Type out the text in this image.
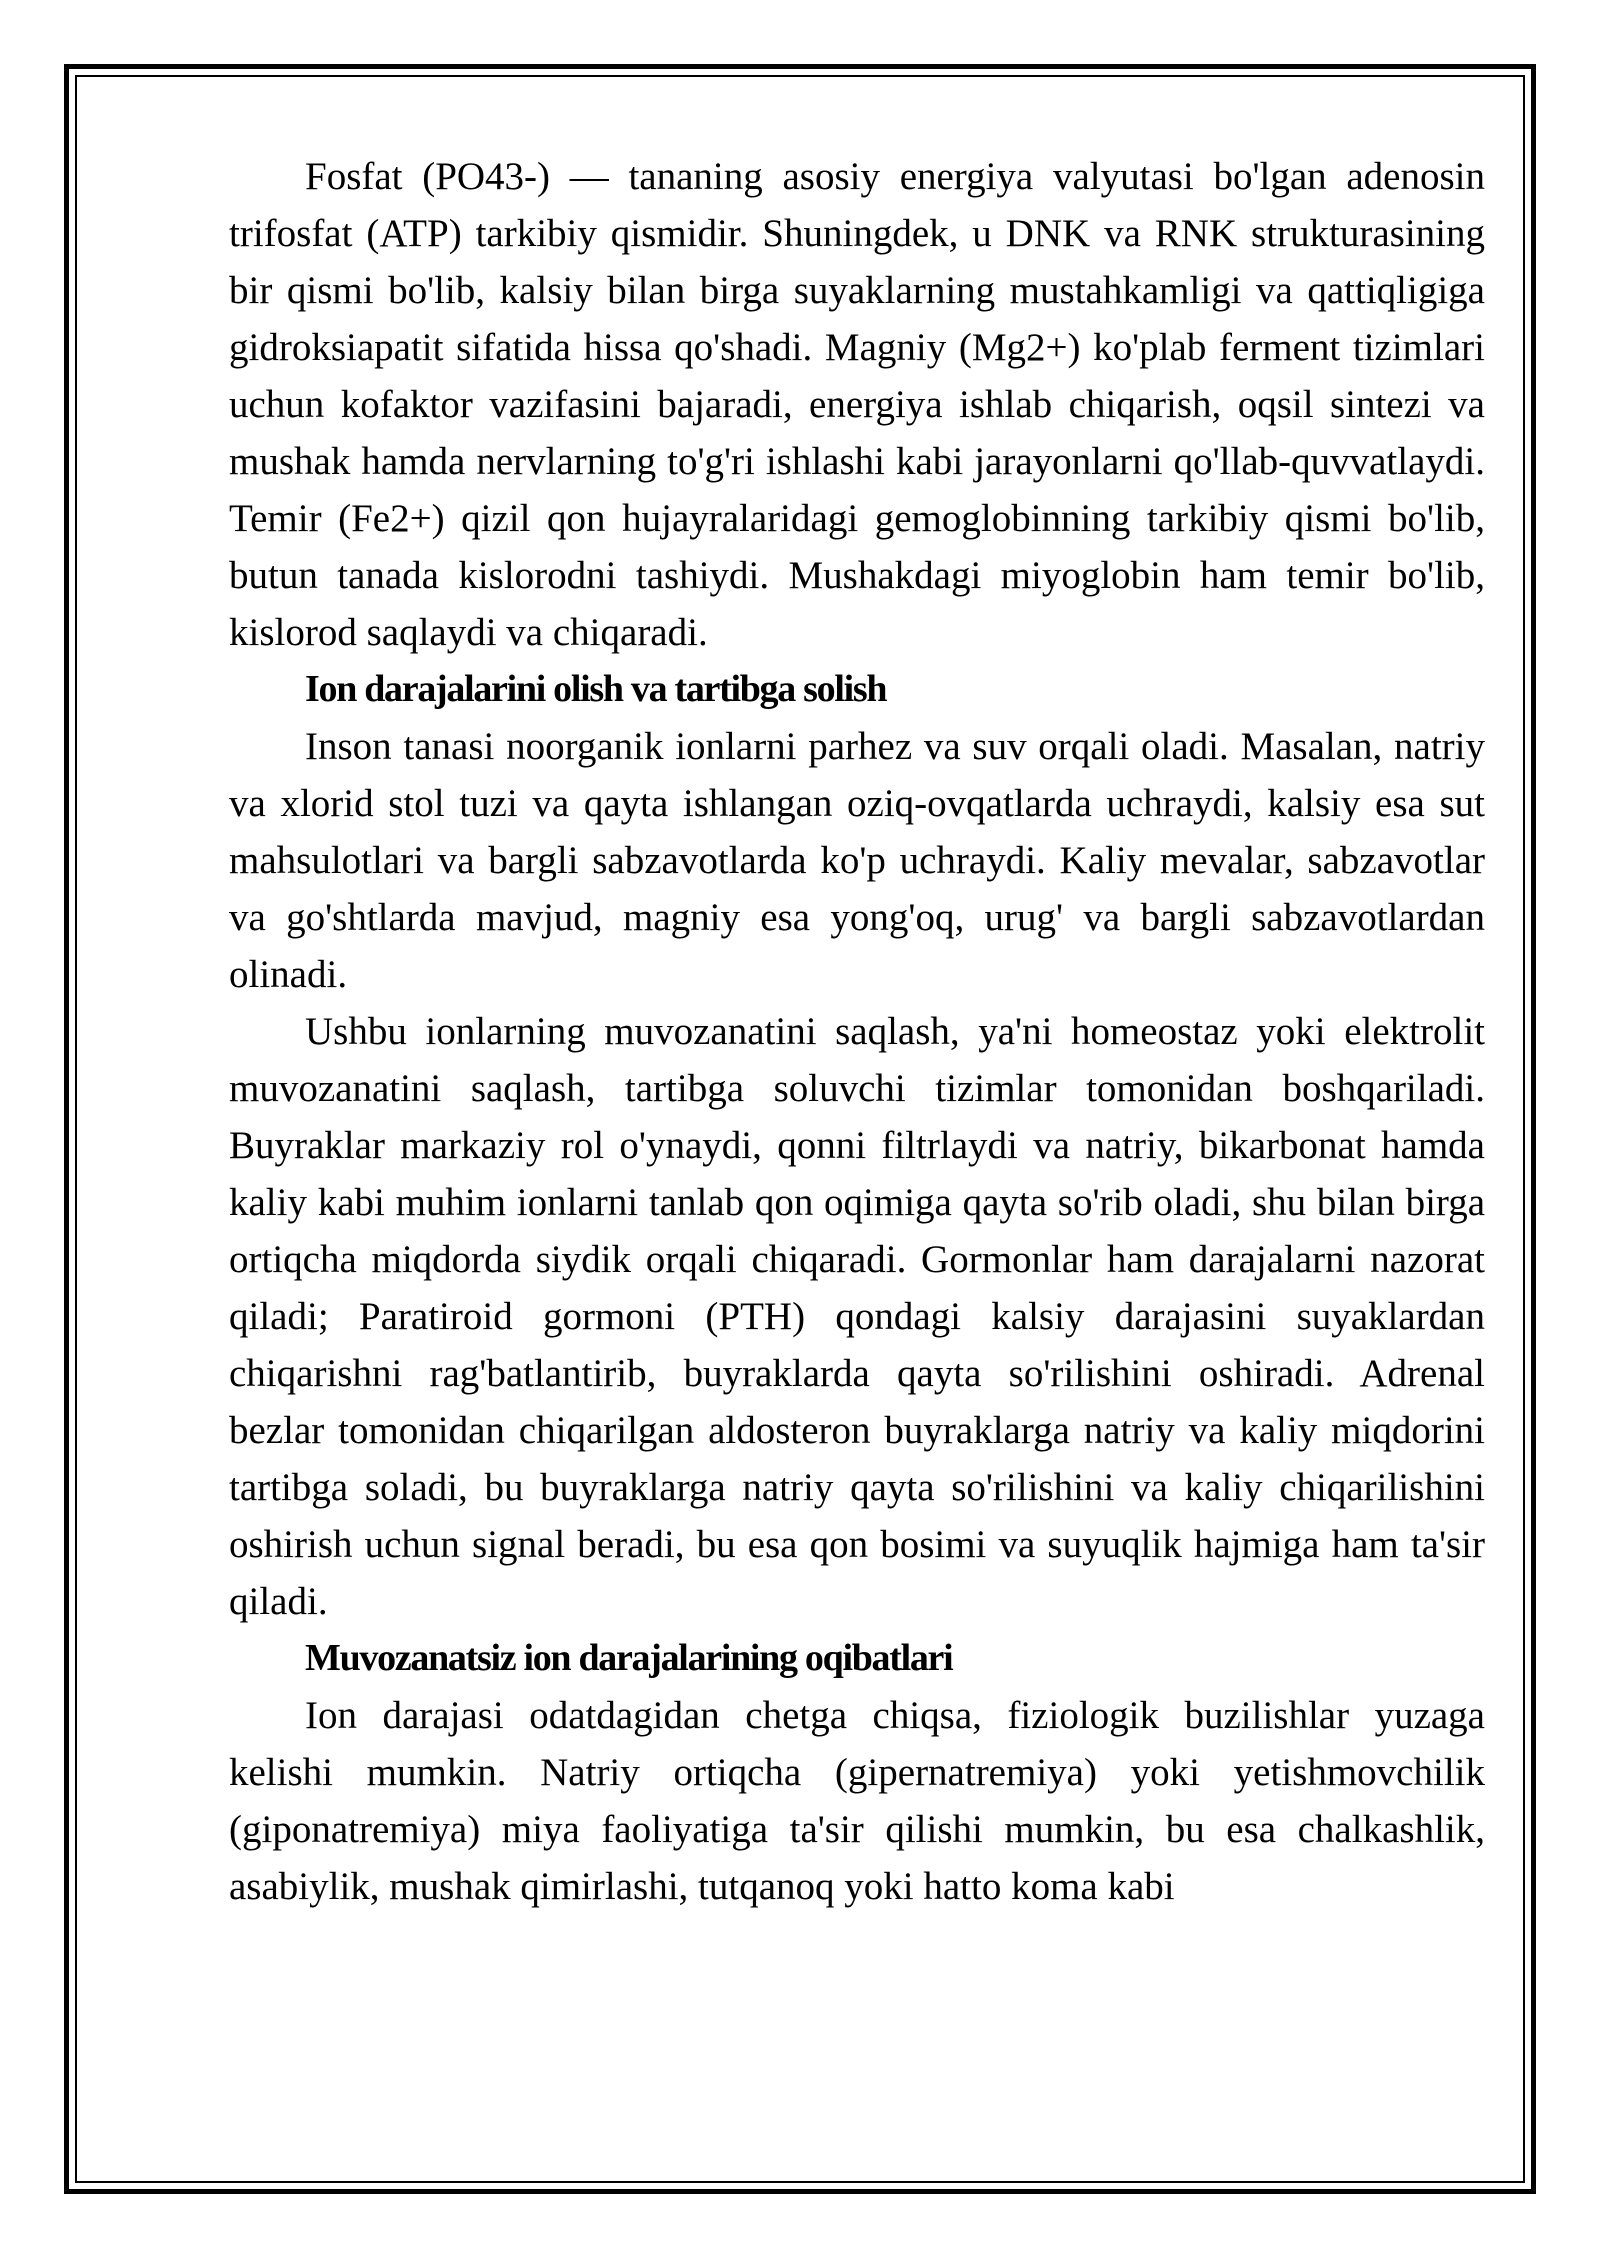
Fosfat (PO43-) — tananing asosiy energiya valyutasi bo'lgan adenosin trifosfat (ATP) tarkibiy qismidir. Shuningdek, u DNK va RNK strukturasining bir qismi bo'lib, kalsiy bilan birga suyaklarning mustahkamligi va qattiqligiga gidroksiapatit sifatida hissa qo'shadi. Magniy (Mg2+) ko'plab ferment tizimlari uchun kofaktor vazifasini bajaradi, energiya ishlab chiqarish, oqsil sintezi va mushak hamda nervlarning to'g'ri ishlashi kabi jarayonlarni qo'llab-quvvatlaydi. Temir (Fe2+) qizil qon hujayralaridagi gemoglobinning tarkibiy qismi bo'lib, butun tanada kislorodni tashiydi. Mushakdagi miyoglobin ham temir bo'lib, kislorod saqlaydi va chiqaradi.

Ion darajalarini olish va tartibga solish

Inson tanasi noorganik ionlarni parhez va suv orqali oladi. Masalan, natriy va xlorid stol tuzi va qayta ishlangan oziq-ovqatlarda uchraydi, kalsiy esa sut mahsulotlari va bargli sabzavotlarda ko'p uchraydi. Kaliy mevalar, sabzavotlar va go'shtlarda mavjud, magniy esa yong'oq, urug' va bargli sabzavotlardan olinadi.

Ushbu ionlarning muvozanatini saqlash, ya'ni homeostaz yoki elektrolit muvozanatini saqlash, tartibga soluvchi tizimlar tomonidan boshqariladi. Buyraklar markaziy rol o'ynaydi, qonni filtrlaydi va natriy, bikarbonat hamda kaliy kabi muhim ionlarni tanlab qon oqimiga qayta so'rib oladi, shu bilan birga ortiqcha miqdorda siydik orqali chiqaradi. Gormonlar ham darajalarni nazorat qiladi; Paratiroid gormoni (PTH) qondagi kalsiy darajasini suyaklardan chiqarishni rag'batlantirib, buyraklarda qayta so'rilishini oshiradi. Adrenal bezlar tomonidan chiqarilgan aldosteron buyraklarga natriy va kaliy miqdorini tartibga soladi, bu buyraklarga natriy qayta so'rilishini va kaliy chiqarilishini oshirish uchun signal beradi, bu esa qon bosimi va suyuqlik hajmiga ham ta'sir qiladi.

Muvozanatsiz ion darajalarining oqibatlari

Ion darajasi odatdagidan chetga chiqsa, fiziologik buzilishlar yuzaga kelishi mumkin. Natriy ortiqcha (gipernatremiya) yoki yetishmovchilik (giponatremiya) miya faoliyatiga ta'sir qilishi mumkin, bu esa chalkashlik, asabiylik, mushak qimirlashi, tutqanoq yoki hatto koma kabi
